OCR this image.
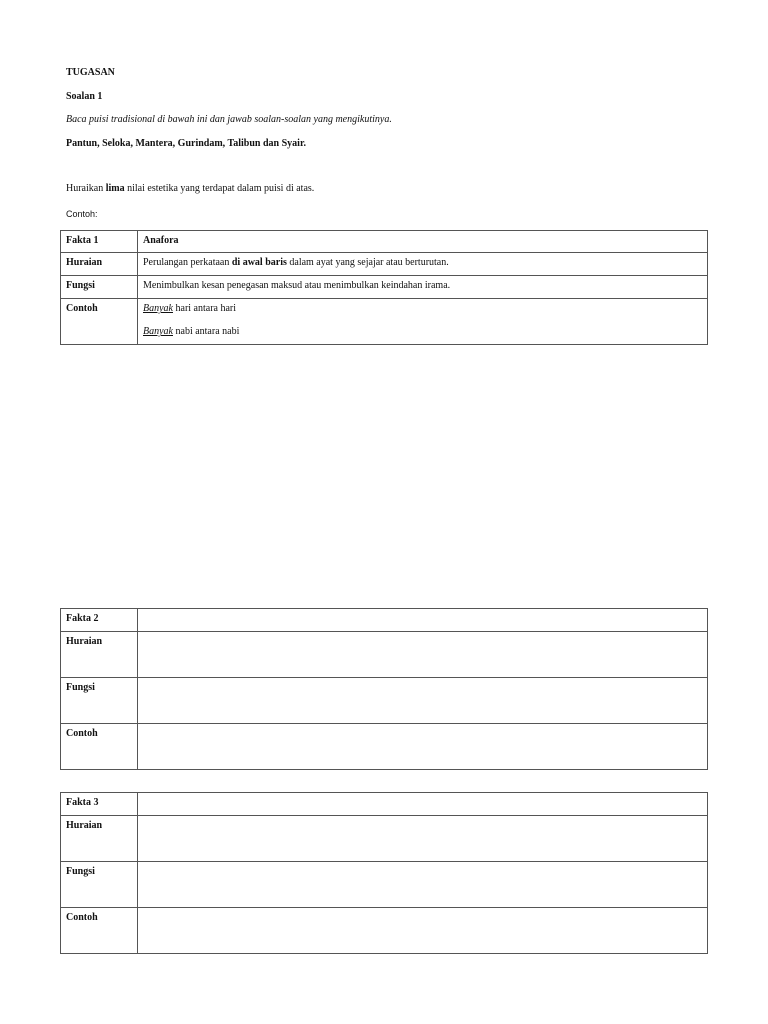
TUGASAN
Soalan 1
Baca puisi tradisional di bawah ini dan jawab soalan-soalan yang mengikutinya.
Pantun, Seloka, Mantera, Gurindam, Talibun dan Syair.
Huraikan lima nilai estetika yang terdapat dalam puisi di atas.
Contoh:
Fakta 1	Anafora
Huraian	Perulangan perkataan di awal baris dalam ayat yang sejajar atau berturutan.
Fungsi	Menimbulkan kesan penegasan maksud atau menimbulkan keindahan irama.
Contoh	Banyak hari antara hari
Banyak nabi antara nabi
Fakta 2	
Huraian	
Fungsi	
Contoh	
Fakta 3	
Huraian	
Fungsi	
Contoh	
